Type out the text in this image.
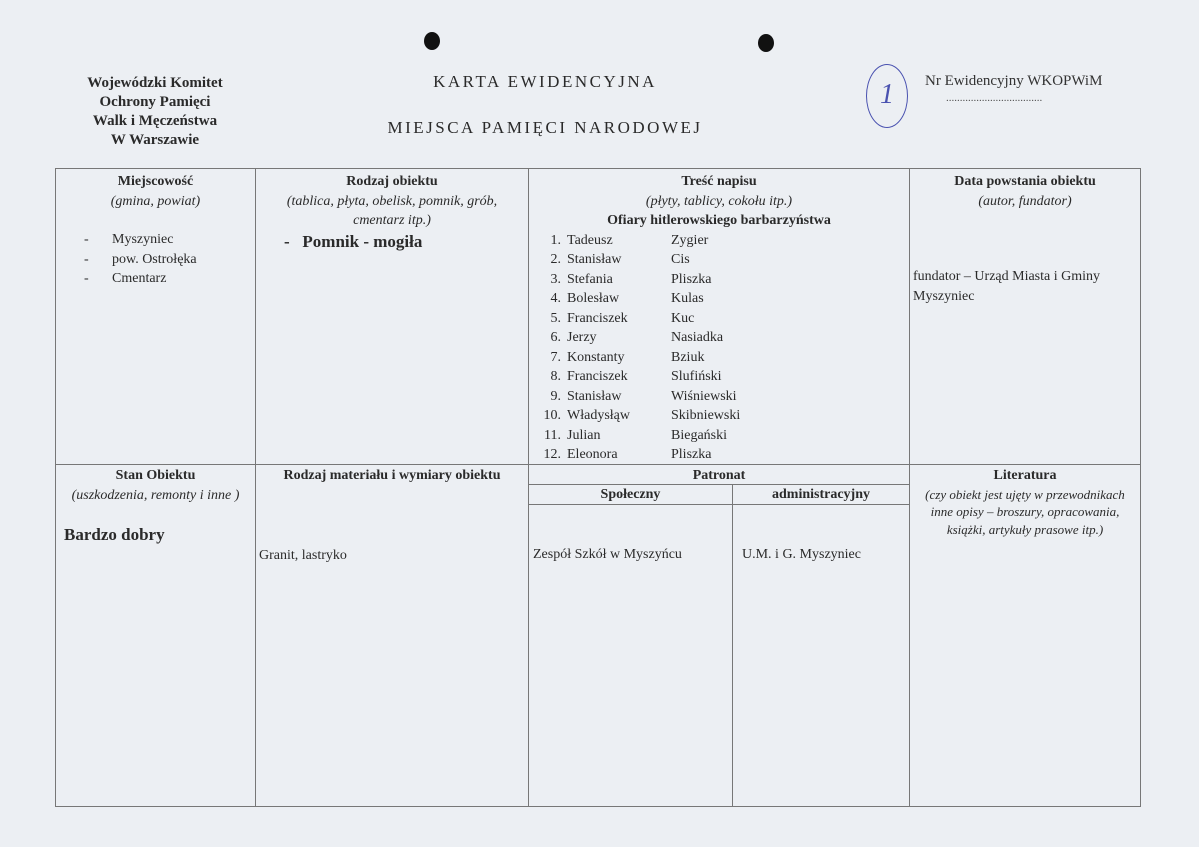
Wojewódzki Komitet
Ochrony Pamięci
Walk i Męczeństwa
W Warszawie
KARTA EWIDENCYJNA
MIEJSCA PAMIĘCI NARODOWEJ
1	Nr Ewidencyjny WKOPWiM
...................................
Miejscowość
(gmina, powiat)
-	Myszyniec
-	pow. Ostrołęka
-	Cmentarz
Rodzaj obiektu
(tablica, płyta, obelisk, pomnik, grób, cmentarz itp.)
-   Pomnik - mogiła
Treść napisu
(płyty, tablicy, cokołu itp.)
Ofiary hitlerowskiego barbarzyństwa
1. Tadeusz	Zygier
2. Stanisław	Cis
3. Stefania	Pliszka
4. Bolesław	Kulas
5. Franciszek	Kuc
6. Jerzy	Nasiadka
7. Konstanty	Bziuk
8. Franciszek	Slufiński
9. Stanisław	Wiśniewski
10. Władysłąw	Skibniewski
11. Julian	Biegański
12. Eleonora	Pliszka
Data powstania obiektu
(autor, fundator)
fundator – Urząd Miasta i Gminy Myszyniec
Stan Obiektu
(uszkodzenia, remonty i inne )
Bardzo dobry
Rodzaj materiału i wymiary obiektu
Granit, lastryko
Patronat
Społeczny	administracyjny
Zespół Szkół w Myszyńcu	U.M. i G. Myszyniec
Literatura
(czy obiekt jest ujęty w przewodnikach inne opisy – broszury, opracowania, książki, artykuły prasowe itp.)
